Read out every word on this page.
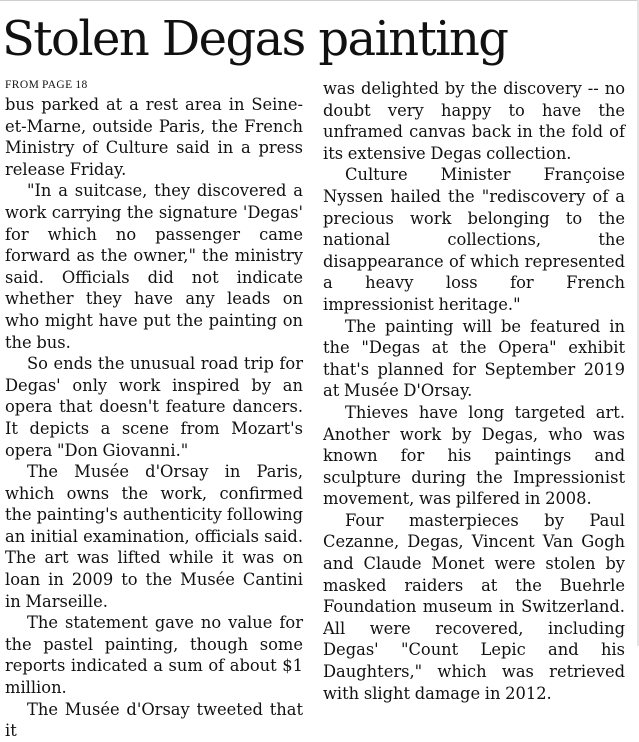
Stolen Degas painting
FROM PAGE 18

bus parked at a rest area in Seine-et-Marne, outside Paris, the French Ministry of Culture said in a press release Friday.

"In a suitcase, they discovered a work carrying the signature 'Degas' for which no passenger came forward as the owner," the ministry said. Officials did not indicate whether they have any leads on who might have put the painting on the bus.

So ends the unusual road trip for Degas' only work inspired by an opera that doesn't feature dancers. It depicts a scene from Mozart's opera "Don Giovanni."

The Musée d'Orsay in Paris, which owns the work, confirmed the painting's authenticity following an initial examination, officials said. The art was lifted while it was on loan in 2009 to the Musée Cantini in Marseille.

The statement gave no value for the pastel painting, though some reports indicated a sum of about $1 million.

The Musée d'Orsay tweeted that it

was delighted by the discovery -- no doubt very happy to have the unframed canvas back in the fold of its extensive Degas collection.

Culture Minister Françoise Nyssen hailed the "rediscovery of a precious work belonging to the national collections, the disappearance of which represented a heavy loss for French impressionist heritage."

The painting will be featured in the "Degas at the Opera" exhibit that's planned for September 2019 at Musée D'Orsay.

Thieves have long targeted art. Another work by Degas, who was known for his paintings and sculpture during the Impressionist movement, was pilfered in 2008.

Four masterpieces by Paul Cezanne, Degas, Vincent Van Gogh and Claude Monet were stolen by masked raiders at the Buehrle Foundation museum in Switzerland. All were recovered, including Degas' "Count Lepic and his Daughters," which was retrieved with slight damage in 2012.
